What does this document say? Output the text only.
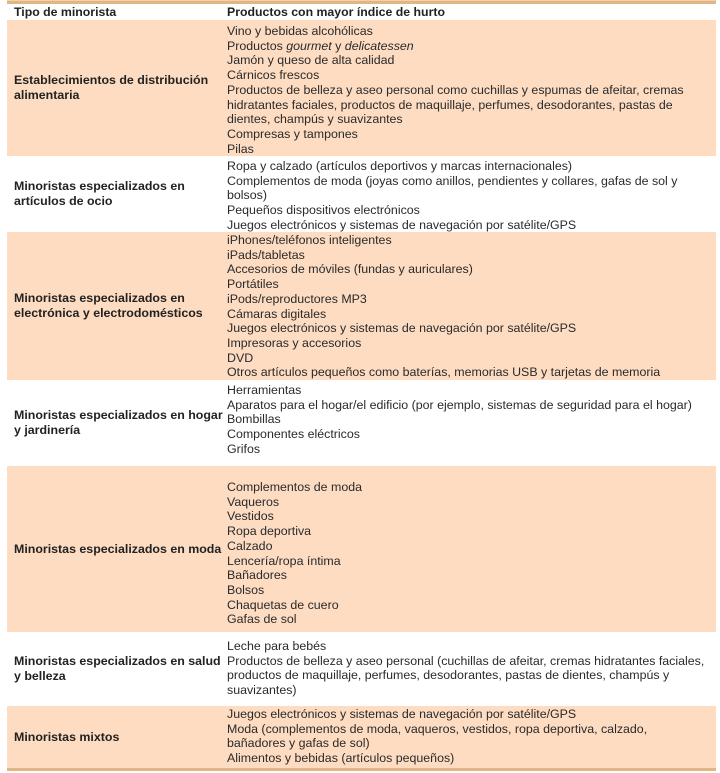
Tipo de minorista	Productos con mayor índice de hurto
Establecimientos de distribución alimentaria
Vino y bebidas alcohólicas
Productos gourmet y delicatessen
Jamón y queso de alta calidad
Cárnicos frescos
Productos de belleza y aseo personal como cuchillas y espumas de afeitar, cremas hidratantes faciales, productos de maquillaje, perfumes, desodorantes, pastas de dientes, champús y suavizantes
Compresas y tampones
Pilas
Minoristas especializados en artículos de ocio
Ropa y calzado (artículos deportivos y marcas internacionales)
Complementos de moda (joyas como anillos, pendientes y collares, gafas de sol y bolsos)
Pequeños dispositivos electrónicos
Juegos electrónicos y sistemas de navegación por satélite/GPS
Minoristas especializados en electrónica y electrodomésticos
iPhones/teléfonos inteligentes
iPads/tabletas
Accesorios de móviles (fundas y auriculares)
Portátiles
iPods/reproductores MP3
Cámaras digitales
Juegos electrónicos y sistemas de navegación por satélite/GPS
Impresoras y accesorios
DVD
Otros artículos pequeños como baterías, memorias USB y tarjetas de memoria
Minoristas especializados en hogar y jardinería
Herramientas
Aparatos para el hogar/el edificio (por ejemplo, sistemas de seguridad para el hogar)
Bombillas
Componentes eléctricos
Grifos
Minoristas especializados en moda
Complementos de moda
Vaqueros
Vestidos
Ropa deportiva
Calzado
Lencería/ropa íntima
Bañadores
Bolsos
Chaquetas de cuero
Gafas de sol
Minoristas especializados en salud y belleza
Leche para bebés
Productos de belleza y aseo personal (cuchillas de afeitar, cremas hidratantes faciales, productos de maquillaje, perfumes, desodorantes, pastas de dientes, champús y suavizantes)
Minoristas mixtos
Juegos electrónicos y sistemas de navegación por satélite/GPS
Moda (complementos de moda, vaqueros, vestidos, ropa deportiva, calzado, bañadores y gafas de sol)
Alimentos y bebidas (artículos pequeños)
